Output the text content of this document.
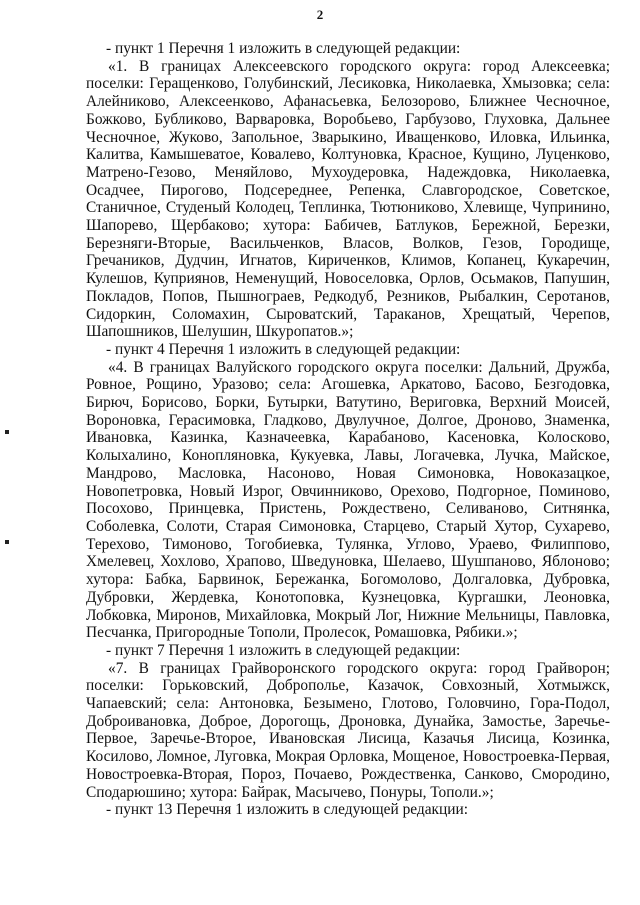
2

- пункт 1 Перечня 1 изложить в следующей редакции:

«1. В границах Алексеевского городского округа: город Алексеевка; поселки: Геращенково, Голубинский, Лесиковка, Николаевка, Хмызовка; села: Алейниково, Алексеенково, Афанасьевка, Белозорово, Ближнее Чесночное, Божково, Бубликово, Варваровка, Воробьево, Гарбузово, Глуховка, Дальнее Чесночное, Жуково, Запольное, Зварыкино, Иващенково, Иловка, Ильинка, Калитва, Камышеватое, Ковалево, Колтуновка, Красное, Кущино, Луценково, Матрено-Гезово, Меняйлово, Мухоудеровка, Надеждовка, Николаевка, Осадчее, Пирогово, Подсереднее, Репенка, Славгородское, Советское, Станичное, Студеный Колодец, Теплинка, Тютюниково, Хлевище, Чупринино, Шапорево, Щербаково; хутора: Бабичев, Батлуков, Бережной, Березки, Березняги-Вторые, Васильченков, Власов, Волков, Гезов, Городище, Гречаников, Дудчин, Игнатов, Кириченков, Климов, Копанец, Кукаречин, Кулешов, Куприянов, Неменущий, Новоселовка, Орлов, Осьмаков, Папушин, Покладов, Попов, Пышнограев, Редкодуб, Резников, Рыбалкин, Серотанов, Сидоркин, Соломахин, Сыроватский, Тараканов, Хрещатый, Черепов, Шапошников, Шелушин, Шкуропатов.»;

- пункт 4 Перечня 1 изложить в следующей редакции:

«4. В границах Валуйского городского округа поселки: Дальний, Дружба, Ровное, Рощино, Уразово; села: Агошевка, Аркатово, Басово, Безгодовка, Бирюч, Борисово, Борки, Бутырки, Ватутино, Вериговка, Верхний Моисей, Вороновка, Герасимовка, Гладково, Двулучное, Долгое, Дроново, Знаменка, Ивановка, Казинка, Казначеевка, Карабаново, Касеновка, Колосково, Колыхалино, Конопляновка, Кукуевка, Лавы, Логачевка, Лучка, Майское, Мандрово, Масловка, Насоново, Новая Симоновка, Новоказацкое, Новопетровка, Новый Изрог, Овчинниково, Орехово, Подгорное, Поминово, Посохово, Принцевка, Пристень, Рождествено, Селиваново, Ситнянка, Соболевка, Солоти, Старая Симоновка, Старцево, Старый Хутор, Сухарево, Терехово, Тимоново, Тогобиевка, Тулянка, Углово, Ураево, Филиппово, Хмелевец, Хохлово, Храпово, Шведуновка, Шелаево, Шушпаново, Яблоново; хутора: Бабка, Барвинок, Бережанка, Богомолово, Долгаловка, Дубровка, Дубровки, Жердевка, Конотоповка, Кузнецовка, Кургашки, Леоновка, Лобковка, Миронов, Михайловка, Мокрый Лог, Нижние Мельницы, Павловка, Песчанка, Пригородные Тополи, Пролесок, Ромашовка, Рябики.»;

- пункт 7 Перечня 1 изложить в следующей редакции:

«7. В границах Грайворонского городского округа: город Грайворон; поселки: Горьковский, Доброполье, Казачок, Совхозный, Хотмыжск, Чапаевский; села: Антоновка, Безымено, Глотово, Головчино, Гора-Подол, Доброивановка, Доброе, Дорогощь, Дроновка, Дунайка, Замостье, Заречье-Первое, Заречье-Второе, Ивановская Лисица, Казачья Лисица, Козинка, Косилово, Ломное, Луговка, Мокрая Орловка, Мощеное, Новостроевка-Первая, Новостроевка-Вторая, Пороз, Почаево, Рождественка, Санково, Смородино, Сподарюшино; хутора: Байрак, Масычево, Понуры, Тополи.»;

- пункт 13 Перечня 1 изложить в следующей редакции:
